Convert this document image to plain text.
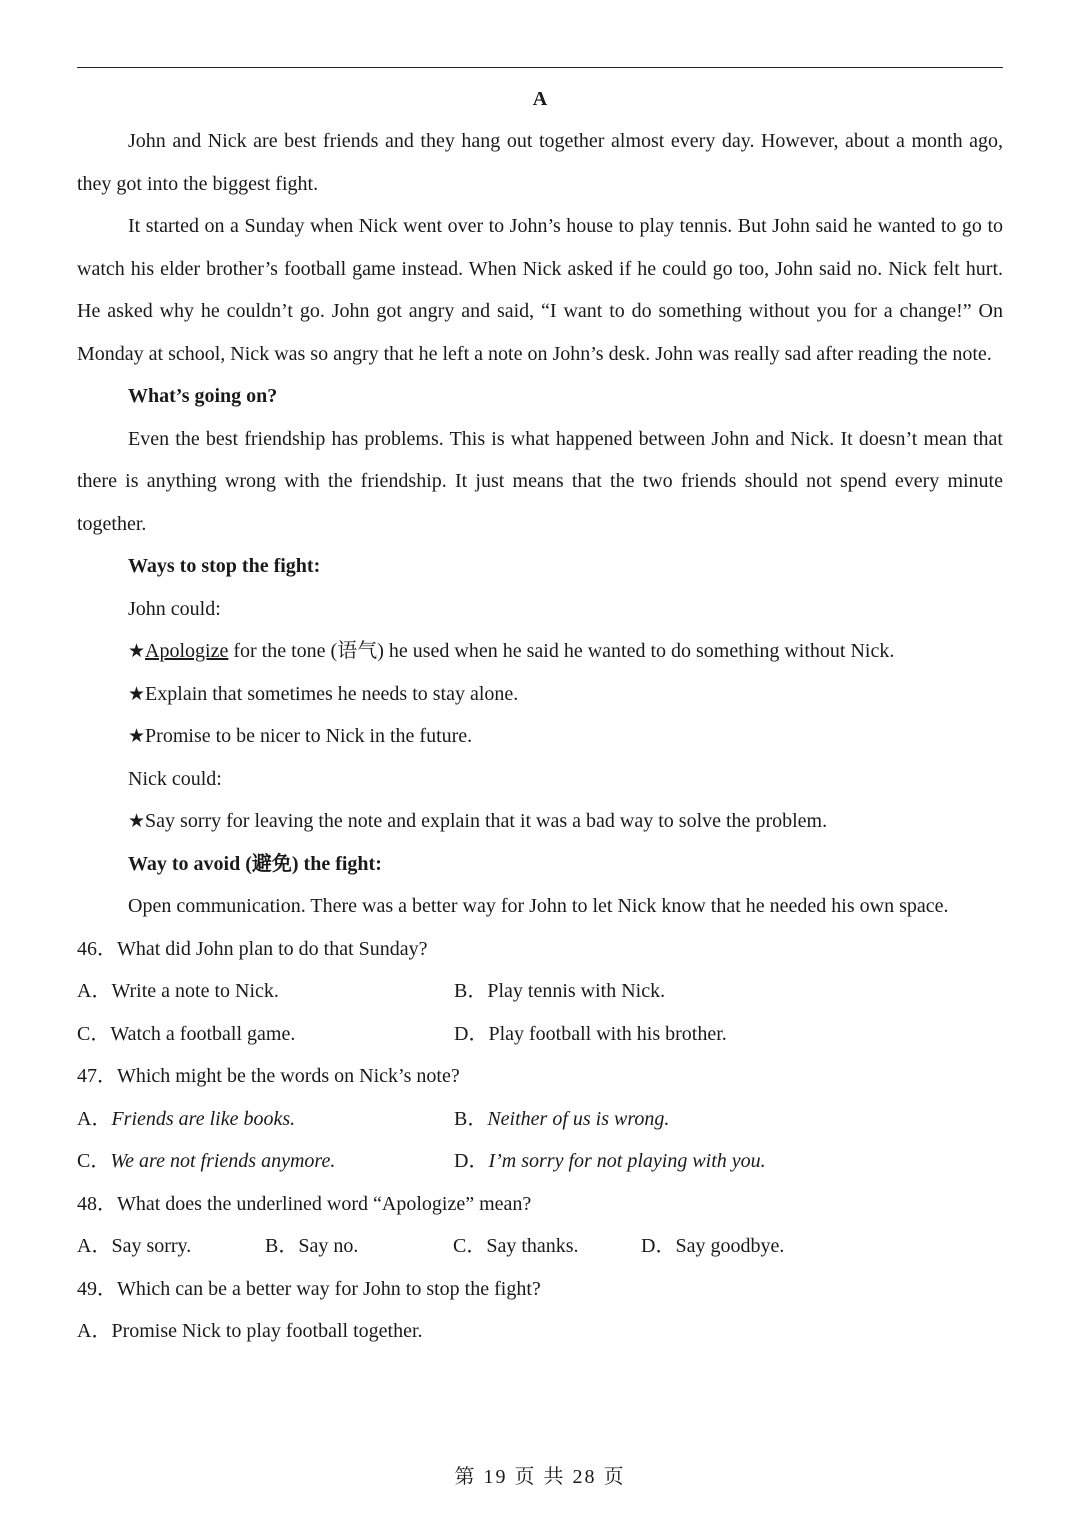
A

John and Nick are best friends and they hang out together almost every day. However, about a month ago, they got into the biggest fight.

It started on a Sunday when Nick went over to John’s house to play tennis. But John said he wanted to go to watch his elder brother’s football game instead. When Nick asked if he could go too, John said no. Nick felt hurt. He asked why he couldn’t go. John got angry and said, “I want to do something without you for a change!” On Monday at school, Nick was so angry that he left a note on John’s desk. John was really sad after reading the note.

What’s going on?

Even the best friendship has problems. This is what happened between John and Nick. It doesn’t mean that there is anything wrong with the friendship. It just means that the two friends should not spend every minute together.

Ways to stop the fight:

John could:

★Apologize for the tone (语气) he used when he said he wanted to do something without Nick.

★Explain that sometimes he needs to stay alone.

★Promise to be nicer to Nick in the future.

Nick could:

★Say sorry for leaving the note and explain that it was a bad way to solve the problem.

Way to avoid (避免) the fight:

Open communication. There was a better way for John to let Nick know that he needed his own space.

46．What did John plan to do that Sunday?

A．Write a note to Nick.	B．Play tennis with Nick.
C．Watch a football game.	D．Play football with his brother.

47．Which might be the words on Nick’s note?

A．Friends are like books.	B．Neither of us is wrong.
C．We are not friends anymore.	D．I’m sorry for not playing with you.

48．What does the underlined word “Apologize” mean?

A．Say sorry.	B．Say no.	C．Say thanks.	D．Say goodbye.

49．Which can be a better way for John to stop the fight?

A．Promise Nick to play football together.

第 19 页 共 28 页
